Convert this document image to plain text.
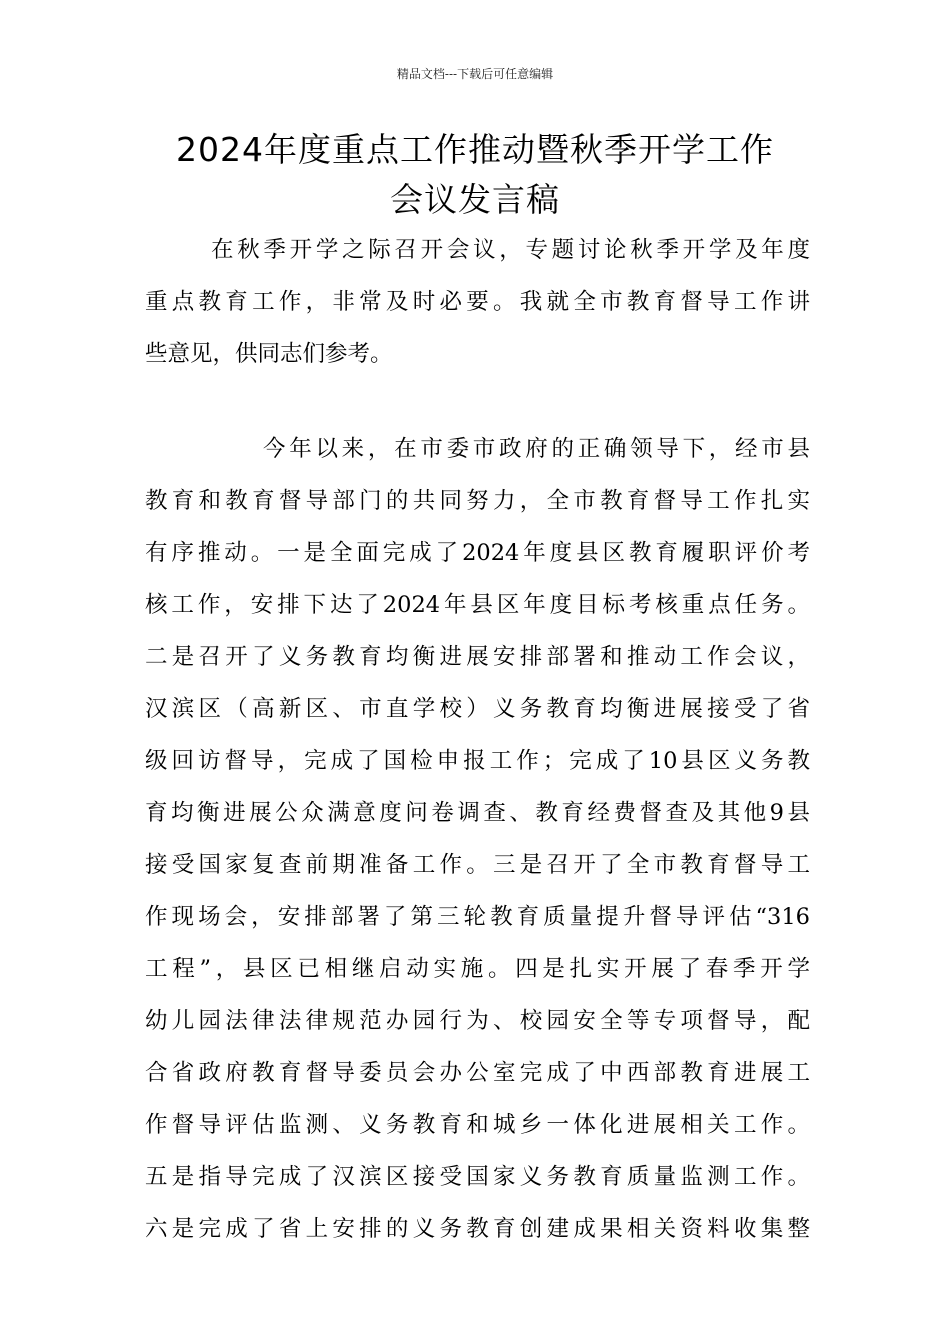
精品文档---下载后可任意编辑
2024年度重点工作推动暨秋季开学工作
会议发言稿
在秋季开学之际召开会议，专题讨论秋季开学及年度
重点教育工作，非常及时必要。我就全市教育督导工作讲
些意见，供同志们参考。
今年以来，在市委市政府的正确领导下，经市县
教育和教育督导部门的共同努力，全市教育督导工作扎实
有序推动。一是全面完成了2024年度县区教育履职评价考
核工作，安排下达了2024年县区年度目标考核重点任务。
二是召开了义务教育均衡进展安排部署和推动工作会议，
汉滨区（高新区、市直学校）义务教育均衡进展接受了省
级回访督导，完成了国检申报工作；完成了10县区义务教
育均衡进展公众满意度问卷调查、教育经费督查及其他9县
接受国家复查前期准备工作。三是召开了全市教育督导工
作现场会，安排部署了第三轮教育质量提升督导评估“316
工程”，县区已相继启动实施。四是扎实开展了春季开学
幼儿园法律法律规范办园行为、校园安全等专项督导，配
合省政府教育督导委员会办公室完成了中西部教育进展工
作督导评估监测、义务教育和城乡一体化进展相关工作。
五是指导完成了汉滨区接受国家义务教育质量监测工作。
六是完成了省上安排的义务教育创建成果相关资料收集整
